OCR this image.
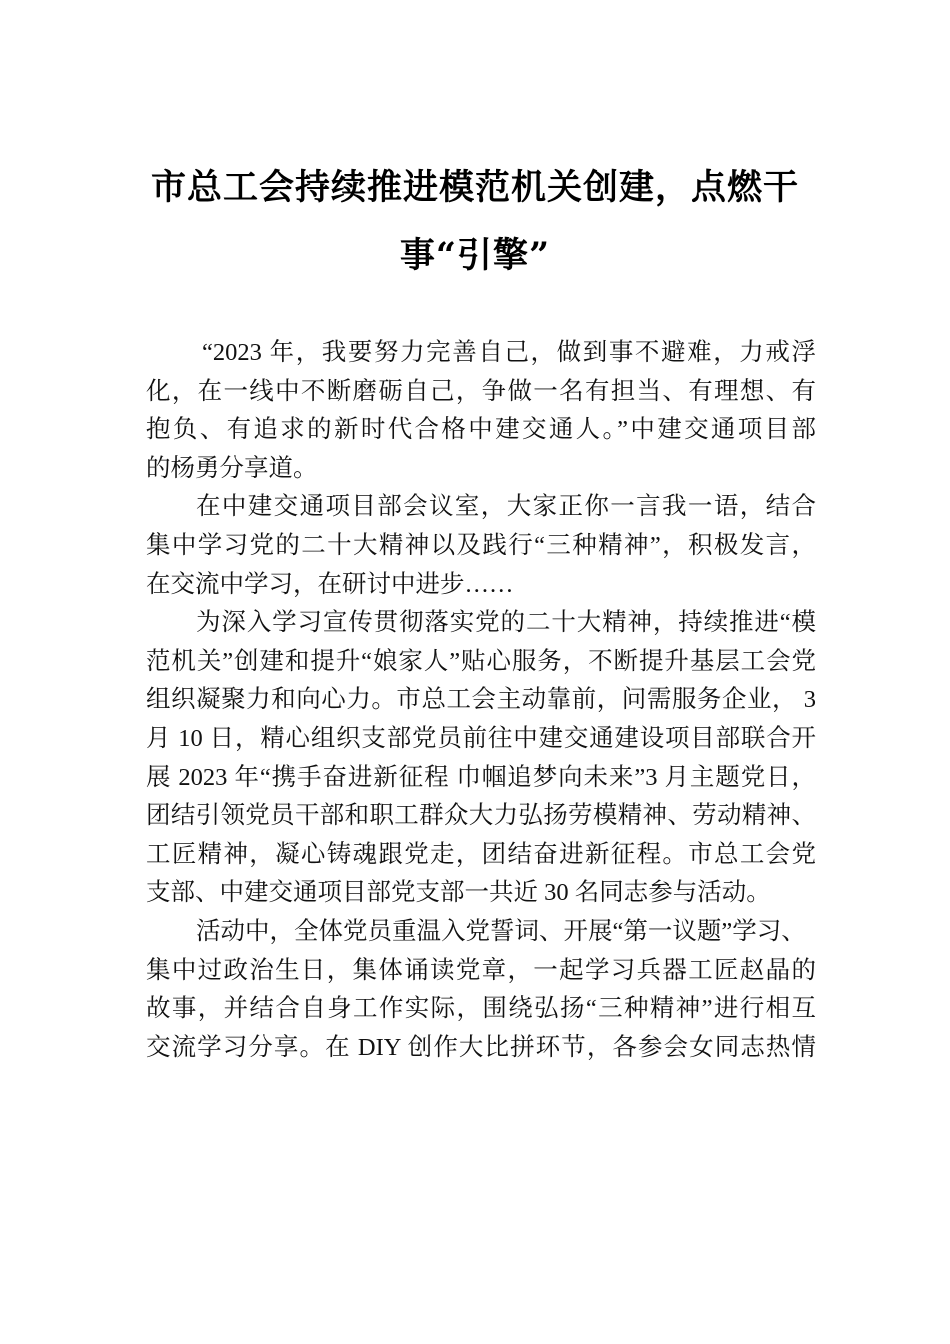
市总工会持续推进模范机关创建，点燃干
事“引擎”
“2023 年，我要努力完善自己，做到事不避难，力戒浮
化，在一线中不断磨砺自己，争做一名有担当、有理想、有
抱负、有追求的新时代合格中建交通人。”中建交通项目部
的杨勇分享道。
在中建交通项目部会议室，大家正你一言我一语，结合
集中学习党的二十大精神以及践行“三种精神”，积极发言，
在交流中学习，在研讨中进步……
为深入学习宣传贯彻落实党的二十大精神，持续推进“模
范机关”创建和提升“娘家人”贴心服务，不断提升基层工会党
组织凝聚力和向心力。市总工会主动靠前，问需服务企业， 3
月 10 日，精心组织支部党员前往中建交通建设项目部联合开
展 2023 年“携手奋进新征程 巾帼追梦向未来”3 月主题党日，
团结引领党员干部和职工群众大力弘扬劳模精神、劳动精神、
工匠精神，凝心铸魂跟党走，团结奋进新征程。市总工会党
支部、中建交通项目部党支部一共近 30 名同志参与活动。
活动中，全体党员重温入党誓词、开展“第一议题”学习、
集中过政治生日，集体诵读党章，一起学习兵器工匠赵晶的
故事，并结合自身工作实际，围绕弘扬“三种精神”进行相互
交流学习分享。在 DIY 创作大比拼环节，各参会女同志热情
